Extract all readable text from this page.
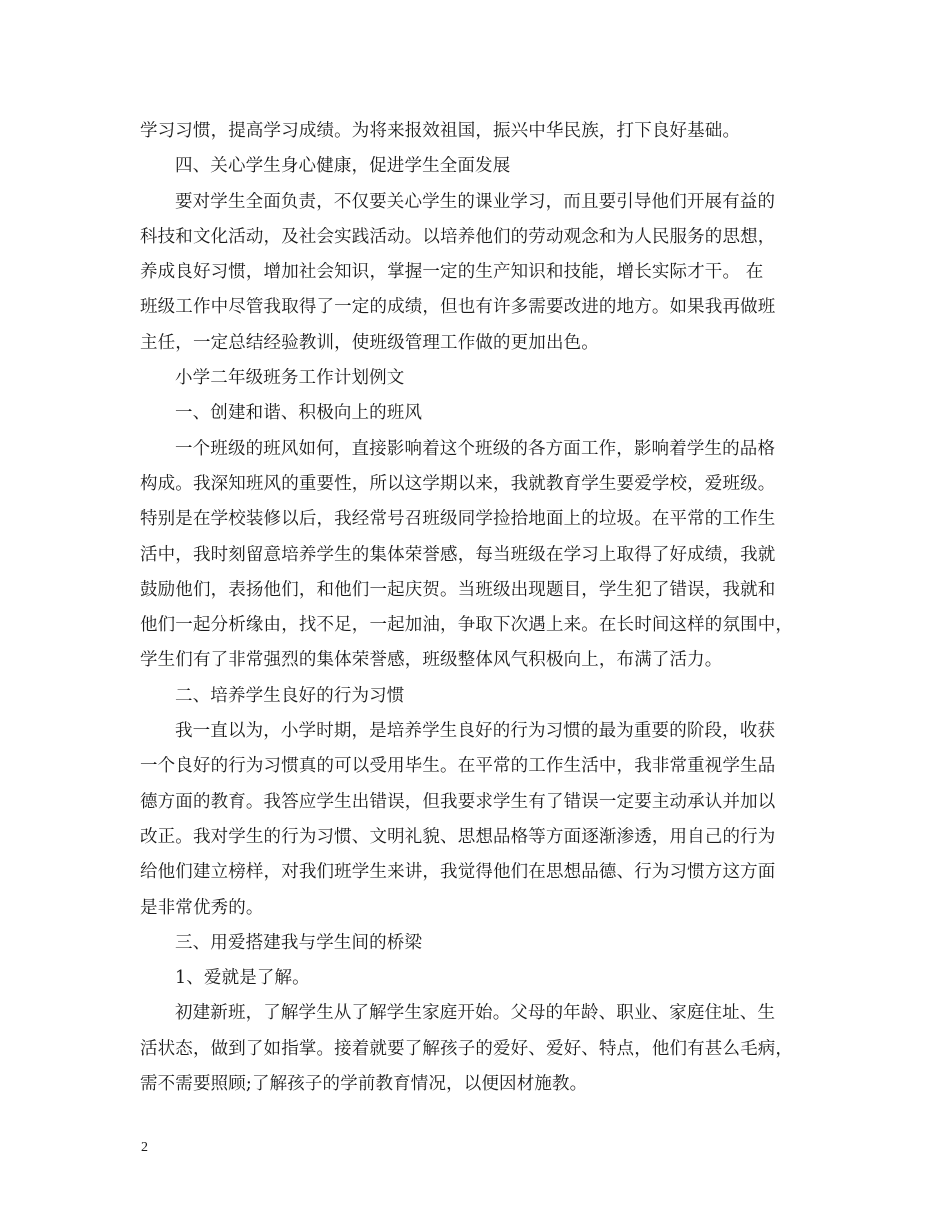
学习习惯，提高学习成绩。为将来报效祖国，振兴中华民族，打下良好基础。
四、关心学生身心健康，促进学生全面发展
要对学生全面负责，不仅要关心学生的课业学习，而且要引导他们开展有益的
科技和文化活动，及社会实践活动。以培养他们的劳动观念和为人民服务的思想，
养成良好习惯，增加社会知识，掌握一定的生产知识和技能，增长实际才干。 在
班级工作中尽管我取得了一定的成绩，但也有许多需要改进的地方。如果我再做班
主任，一定总结经验教训，使班级管理工作做的更加出色。
小学二年级班务工作计划例文
一、创建和谐、积极向上的班风
一个班级的班风如何，直接影响着这个班级的各方面工作，影响着学生的品格
构成。我深知班风的重要性，所以这学期以来，我就教育学生要爱学校，爱班级。
特别是在学校装修以后，我经常号召班级同学捡拾地面上的垃圾。在平常的工作生
活中，我时刻留意培养学生的集体荣誉感，每当班级在学习上取得了好成绩，我就
鼓励他们，表扬他们，和他们一起庆贺。当班级出现题目，学生犯了错误，我就和
他们一起分析缘由，找不足，一起加油，争取下次遇上来。在长时间这样的氛围中，
学生们有了非常强烈的集体荣誉感，班级整体风气积极向上，布满了活力。
二、培养学生良好的行为习惯
我一直以为，小学时期，是培养学生良好的行为习惯的最为重要的阶段，收获
一个良好的行为习惯真的可以受用毕生。在平常的工作生活中，我非常重视学生品
德方面的教育。我答应学生出错误，但我要求学生有了错误一定要主动承认并加以
改正。我对学生的行为习惯、文明礼貌、思想品格等方面逐渐渗透，用自己的行为
给他们建立榜样，对我们班学生来讲，我觉得他们在思想品德、行为习惯方这方面
是非常优秀的。
三、用爱搭建我与学生间的桥梁
1、爱就是了解。
初建新班，了解学生从了解学生家庭开始。父母的年龄、职业、家庭住址、生
活状态，做到了如指掌。接着就要了解孩子的爱好、爱好、特点，他们有甚么毛病，
需不需要照顾;了解孩子的学前教育情况，以便因材施教。
2
